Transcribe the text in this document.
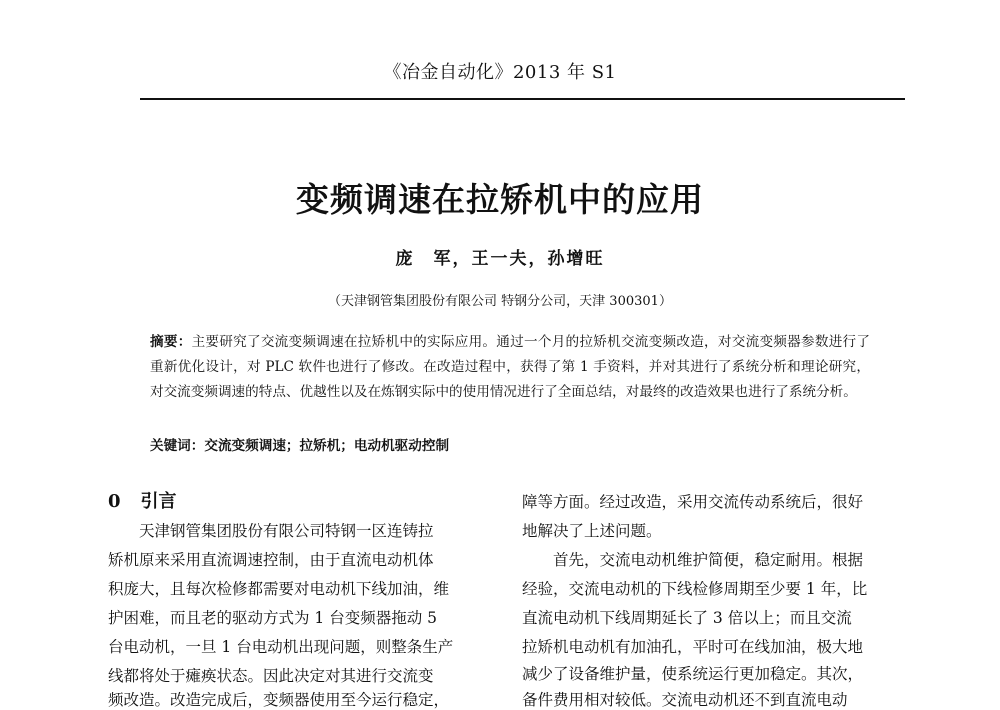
《冶金自动化》2013 年 S1
变频调速在拉矫机中的应用
庞　军，王一夫，孙增旺
（天津钢管集团股份有限公司 特钢分公司，天津 300301）
摘要：主要研究了交流变频调速在拉矫机中的实际应用。通过一个月的拉矫机交流变频改造，对交流变频器参数进行了重新优化设计，对 PLC 软件也进行了修改。在改造过程中，获得了第 1 手资料，并对其进行了系统分析和理论研究，对交流变频调速的特点、优越性以及在炼钢实际中的使用情况进行了全面总结，对最终的改造效果也进行了系统分析。
关键词：交流变频调速；拉矫机；电动机驱动控制
0 引言

　　天津钢管集团股份有限公司特钢一区连铸拉

矫机原来采用直流调速控制，由于直流电动机体

积庞大，且每次检修都需要对电动机下线加油，维

护困难，而且老的驱动方式为 1 台变频器拖动 5

台电动机，一旦 1 台电动机出现问题，则整条生产

线都将处于瘫痪状态。因此决定对其进行交流变

频改造。改造完成后，变频器使用至今运行稳定，

障等方面。经过改造，采用交流传动系统后，很好

地解决了上述问题。

　　首先，交流电动机维护简便，稳定耐用。根据

经验，交流电动机的下线检修周期至少要 1 年，比

直流电动机下线周期延长了 3 倍以上；而且交流

拉矫机电动机有加油孔，平时可在线加油，极大地

减少了设备维护量，使系统运行更加稳定。其次，

备件费用相对较低。交流电动机还不到直流电动
